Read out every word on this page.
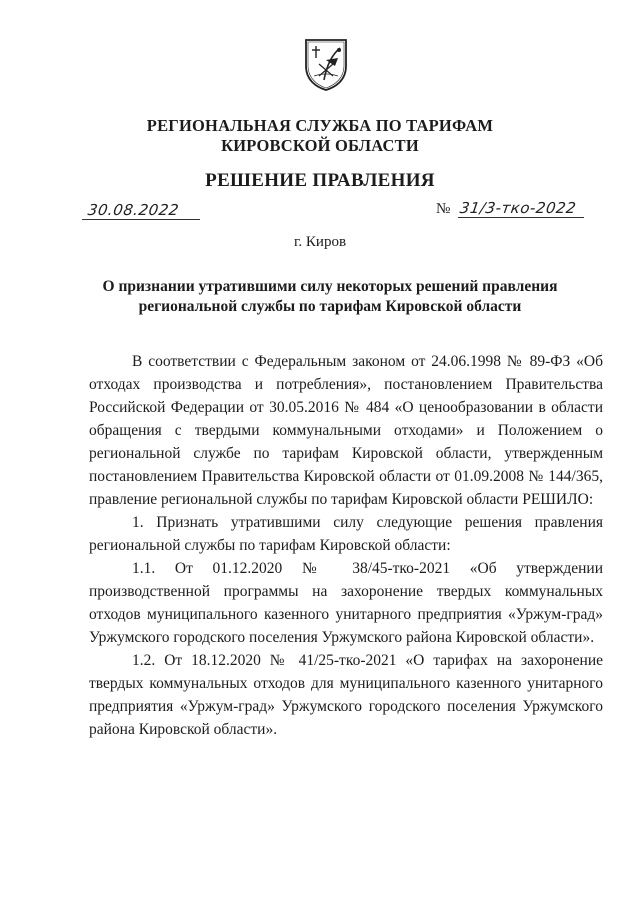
РЕГИОНАЛЬНАЯ СЛУЖБА ПО ТАРИФАМ
КИРОВСКОЙ ОБЛАСТИ
РЕШЕНИЕ ПРАВЛЕНИЯ
30.08.2022	№ 31/3-тко-2022
г. Киров
О признании утратившими силу некоторых решений правления
региональной службы по тарифам Кировской области

В соответствии с Федеральным законом от 24.06.1998 № 89-ФЗ «Об отходах производства и потребления», постановлением Правительства Российской Федерации от 30.05.2016 № 484 «О ценообразовании в области обращения с твердыми коммунальными отходами» и Положением о региональной службе по тарифам Кировской области, утвержденным постановлением Правительства Кировской области от 01.09.2008 № 144/365, правление региональной службы по тарифам Кировской области РЕШИЛО:

1. Признать утратившими силу следующие решения правления региональной службы по тарифам Кировской области:

1.1. От 01.12.2020 № 38/45-тко-2021 «Об утверждении производственной программы на захоронение твердых коммунальных отходов муниципального казенного унитарного предприятия «Уржум-град» Уржумского городского поселения Уржумского района Кировской области».

1.2. От 18.12.2020 № 41/25-тко-2021 «О тарифах на захоронение твердых коммунальных отходов для муниципального казенного унитарного предприятия «Уржум-град» Уржумского городского поселения Уржумского района Кировской области».
